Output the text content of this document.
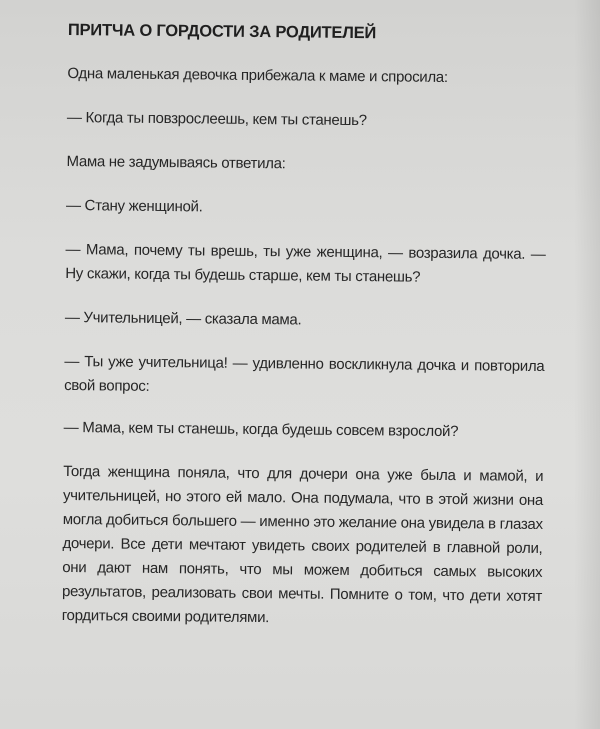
ПРИТЧА О ГОРДОСТИ ЗА РОДИТЕЛЕЙ

Одна маленькая девочка прибежала к маме и спросила:

— Когда ты повзрослеешь, кем ты станешь?

Мама не задумываясь ответила:

— Стану женщиной.

— Мама, почему ты врешь, ты уже женщина, — возразила дочка. — Ну скажи, когда ты будешь старше, кем ты станешь?

— Учительницей, — сказала мама.

— Ты уже учительница! — удивленно воскликнула дочка и повторила свой вопрос:

— Мама, кем ты станешь, когда будешь совсем взрослой?

Тогда женщина поняла, что для дочери она уже была и мамой, и учительницей, но этого ей мало. Она подумала, что в этой жизни она могла добиться большего — именно это желание она увидела в глазах дочери. Все дети мечтают увидеть своих родителей в главной роли, они дают нам понять, что мы можем добиться самых высоких результатов, реализовать свои мечты. Помните о том, что дети хотят гордиться своими родителями.
